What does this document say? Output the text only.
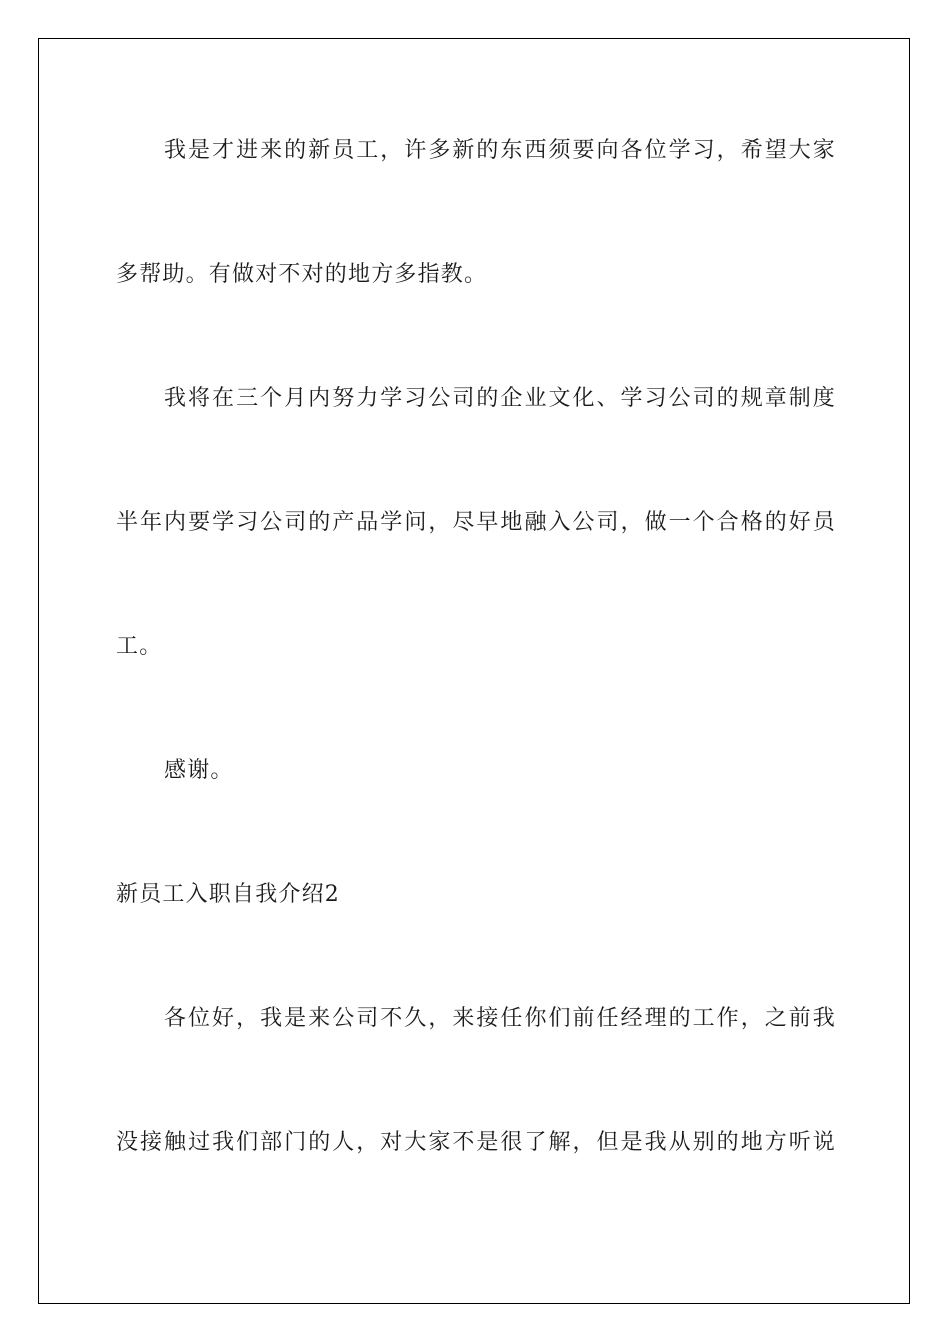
我是才进来的新员工，许多新的东西须要向各位学习，希望大家
多帮助。有做对不对的地方多指教。
我将在三个月内努力学习公司的企业文化、学习公司的规章制度
半年内要学习公司的产品学问，尽早地融入公司，做一个合格的好员
工。
感谢。
新员工入职自我介绍2
各位好，我是来公司不久，来接任你们前任经理的工作，之前我
没接触过我们部门的人，对大家不是很了解，但是我从别的地方听说
